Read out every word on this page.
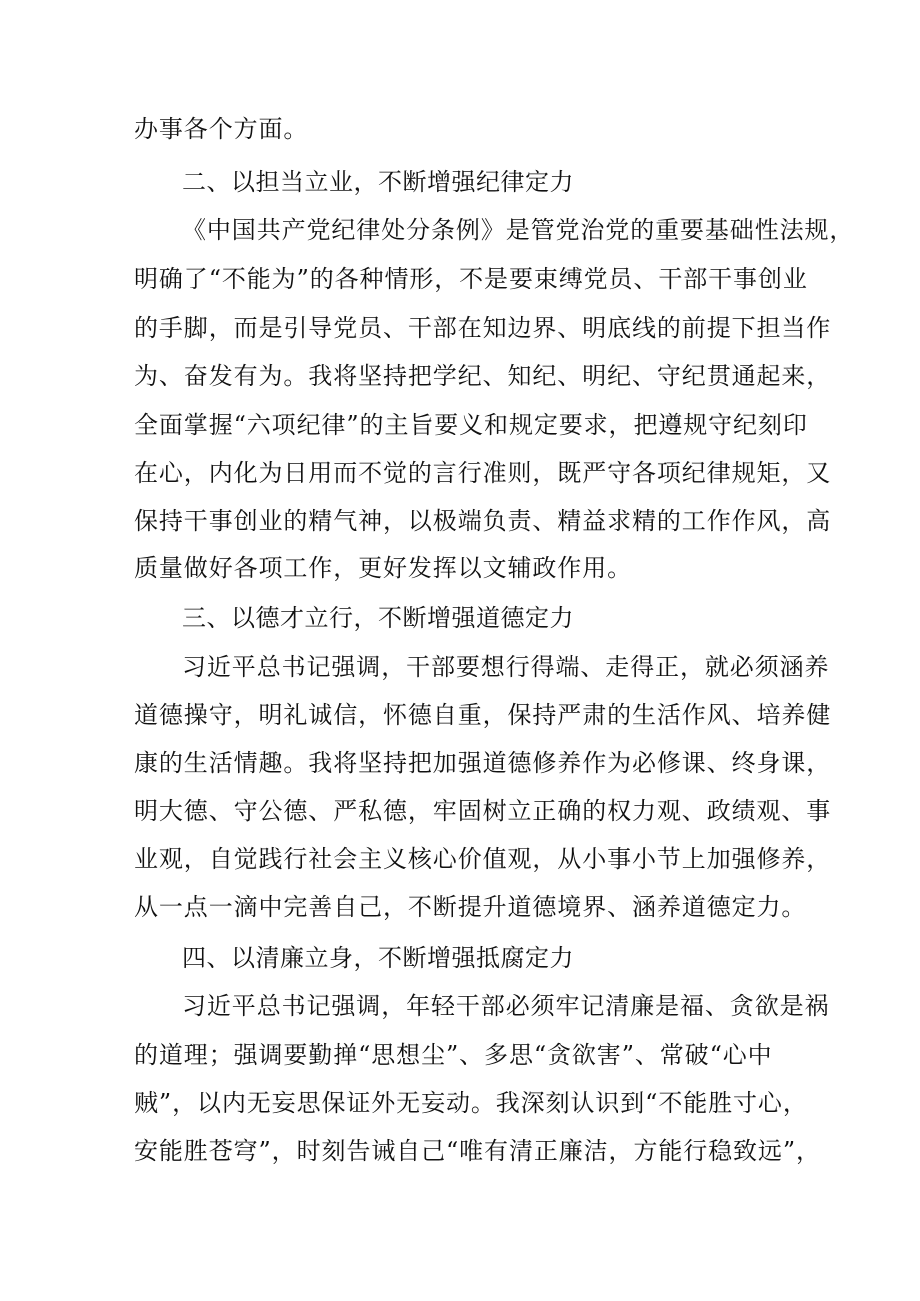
办事各个方面。
二、以担当立业，不断增强纪律定力
《中国共产党纪律处分条例》是管党治党的重要基础性法规，
明确了“不能为”的各种情形，不是要束缚党员、干部干事创业
的手脚，而是引导党员、干部在知边界、明底线的前提下担当作
为、奋发有为。我将坚持把学纪、知纪、明纪、守纪贯通起来，
全面掌握“六项纪律”的主旨要义和规定要求，把遵规守纪刻印
在心，内化为日用而不觉的言行准则，既严守各项纪律规矩，又
保持干事创业的精气神，以极端负责、精益求精的工作作风，高
质量做好各项工作，更好发挥以文辅政作用。
三、以德才立行，不断增强道德定力
习近平总书记强调，干部要想行得端、走得正，就必须涵养
道德操守，明礼诚信，怀德自重，保持严肃的生活作风、培养健
康的生活情趣。我将坚持把加强道德修养作为必修课、终身课，
明大德、守公德、严私德，牢固树立正确的权力观、政绩观、事
业观，自觉践行社会主义核心价值观，从小事小节上加强修养，
从一点一滴中完善自己，不断提升道德境界、涵养道德定力。
四、以清廉立身，不断增强抵腐定力
习近平总书记强调，年轻干部必须牢记清廉是福、贪欲是祸
的道理；强调要勤掸“思想尘”、多思“贪欲害”、常破“心中
贼”，以内无妄思保证外无妄动。我深刻认识到“不能胜寸心，
安能胜苍穹”，时刻告诫自己“唯有清正廉洁，方能行稳致远”，
